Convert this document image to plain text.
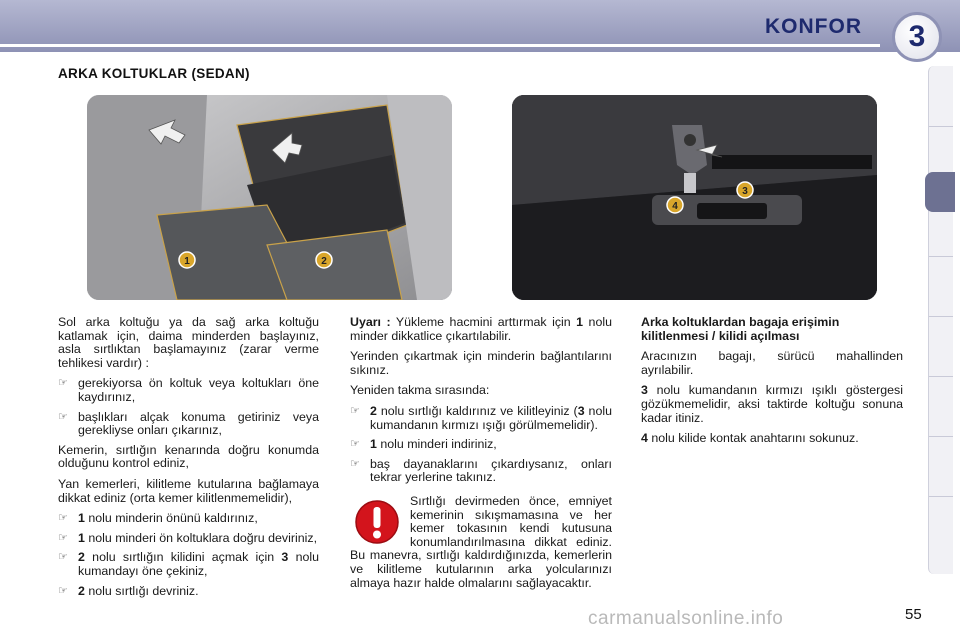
KONFOR	3
ARKA KOLTUKLAR (SEDAN)
1	2
3
4

Sol arka koltuğu ya da sağ arka koltuğu katlamak için, daima minderden başlayınız, asla sırtlıktan başlamayınız (zarar verme tehlikesi vardır) :

☞ gerekiyorsa ön koltuk veya koltukları öne kaydırınız,
☞ başlıkları alçak konuma getiriniz veya gerekliyse onları çıkarınız,

Kemerin, sırtlığın kenarında doğru konumda olduğunu kontrol ediniz,

Yan kemerleri, kilitleme kutularına bağlamaya dikkat ediniz (orta kemer kilitlenmemelidir),

☞ 1 nolu minderin önünü kaldırınız,
☞ 1 nolu minderi ön koltuklara doğru deviriniz,
☞ 2 nolu sırtlığın kilidini açmak için 3 nolu kumandayı öne çekiniz,
☞ 2 nolu sırtlığı devriniz.

Uyarı : Yükleme hacmini arttırmak için 1 nolu minder dikkatlice çıkartılabilir.

Yerinden çıkartmak için minderin bağlantılarını sıkınız.

Yeniden takma sırasında:

☞ 2 nolu sırtlığı kaldırınız ve kilitleyiniz (3 nolu kumandanın kırmızı ışığı görülmemelidir).
☞ 1 nolu minderi indiriniz,
☞ baş dayanaklarını çıkardıysanız, onları tekrar yerlerine takınız.
Sırtlığı devirmeden önce, emniyet kemerinin sıkışmamasına ve her kemer tokasının kendi kutusuna konumlandırılmasına dikkat ediniz. Bu manevra, sırtlığı kaldırdığınızda, kemerlerin ve kilitleme kutularının arka yolcularınızı almaya hazır halde olmalarını sağlayacaktır.

Arka koltuklardan bagaja erişimin kilitlenmesi / kilidi açılması

Aracınızın bagajı, sürücü mahallinden ayrılabilir.

3 nolu kumandanın kırmızı ışıklı göstergesi gözükmemelidir, aksi taktirde koltuğu sonuna kadar itiniz.

4 nolu kilide kontak anahtarını sokunuz.

carmanualsonline.info	55
